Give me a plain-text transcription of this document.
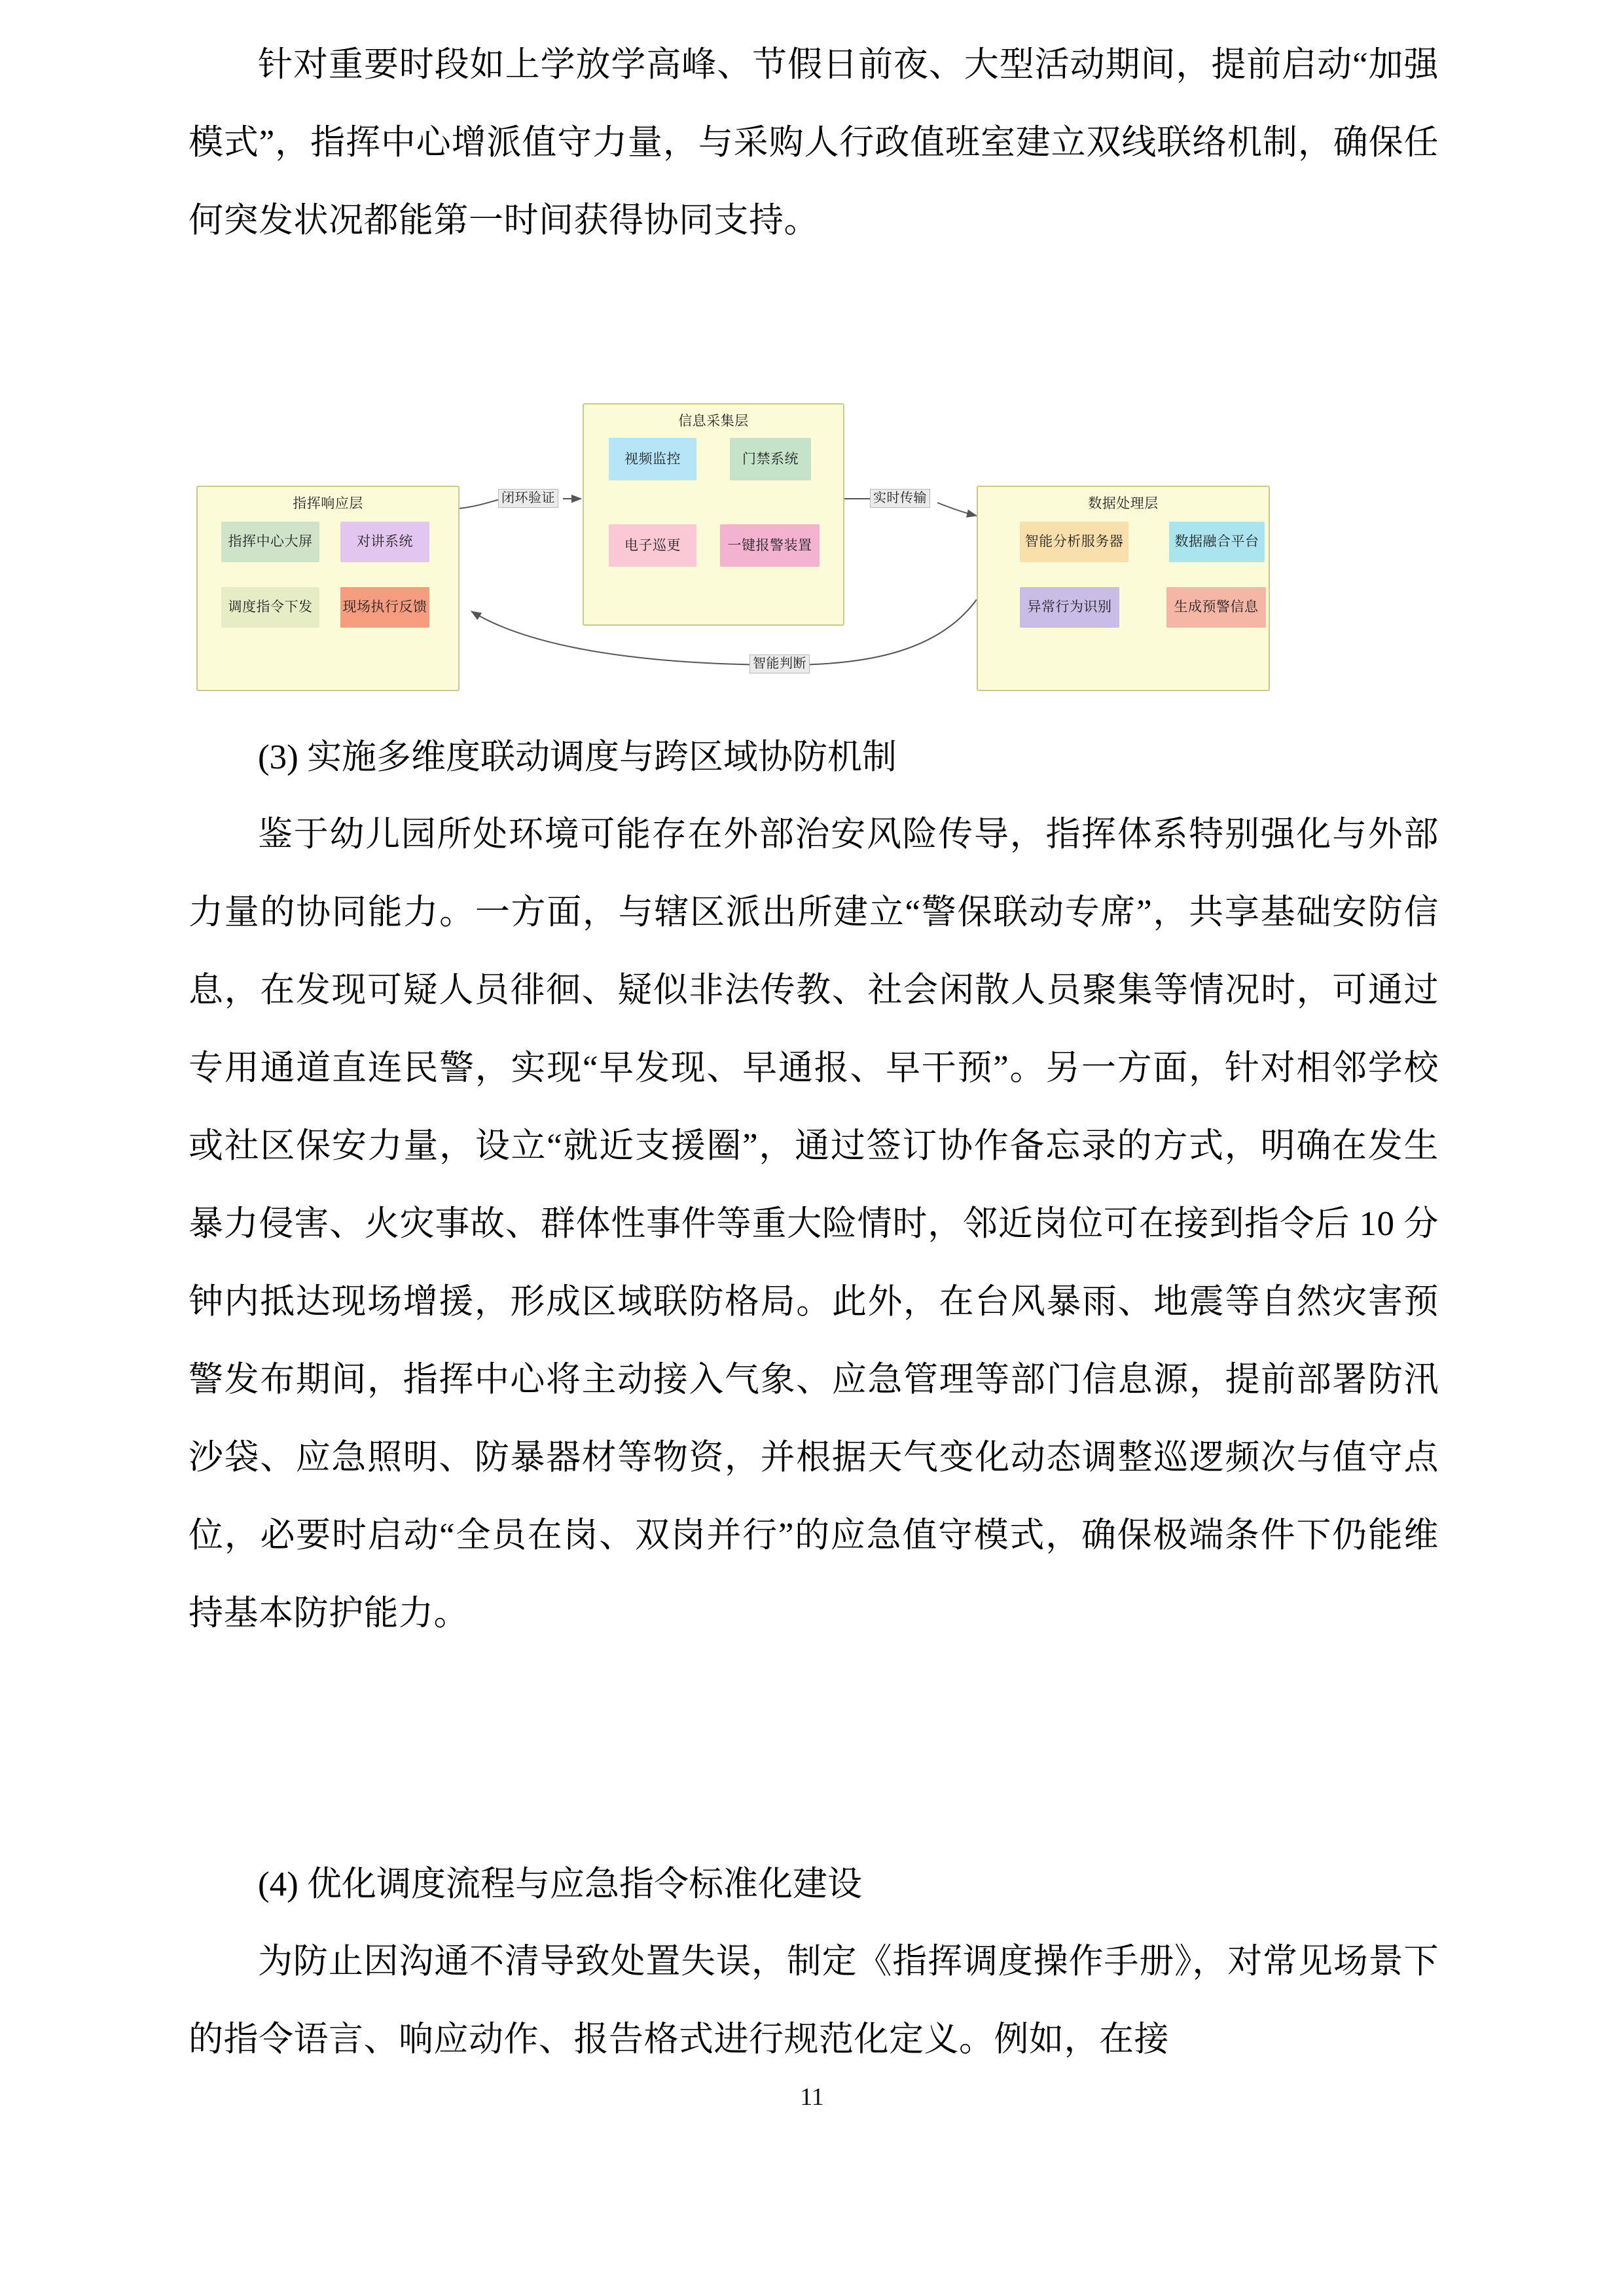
针对重要时段如上学放学高峰、节假日前夜、大型活动期间，提前启动“加强模式”，指挥中心增派值守力量，与采购人行政值班室建立双线联络机制，确保任何突发状况都能第一时间获得协同支持。

指挥响应层
指挥中心大屏	对讲系统
调度指令下发	现场执行反馈
信息采集层
视频监控	门禁系统
电子巡更	一键报警装置
数据处理层
智能分析服务器	数据融合平台
异常行为识别	生成预警信息
闭环验证	实时传输
智能判断
(3) 实施多维度联动调度与跨区域协防机制

鉴于幼儿园所处环境可能存在外部治安风险传导，指挥体系特别强化与外部力量的协同能力。一方面，与辖区派出所建立“警保联动专席”，共享基础安防信息，在发现可疑人员徘徊、疑似非法传教、社会闲散人员聚集等情况时，可通过专用通道直连民警，实现“早发现、早通报、早干预”。另一方面，针对相邻学校或社区保安力量，设立“就近支援圈”，通过签订协作备忘录的方式，明确在发生暴力侵害、火灾事故、群体性事件等重大险情时，邻近岗位可在接到指令后 10 分钟内抵达现场增援，形成区域联防格局。此外，在台风暴雨、地震等自然灾害预警发布期间，指挥中心将主动接入气象、应急管理等部门信息源，提前部署防汛沙袋、应急照明、防暴器材等物资，并根据天气变化动态调整巡逻频次与值守点位，必要时启动“全员在岗、双岗并行”的应急值守模式，确保极端条件下仍能维持基本防护能力。

(4) 优化调度流程与应急指令标准化建设

为防止因沟通不清导致处置失误，制定《指挥调度操作手册》，对常见场景下的指令语言、响应动作、报告格式进行规范化定义。例如，在接

11
